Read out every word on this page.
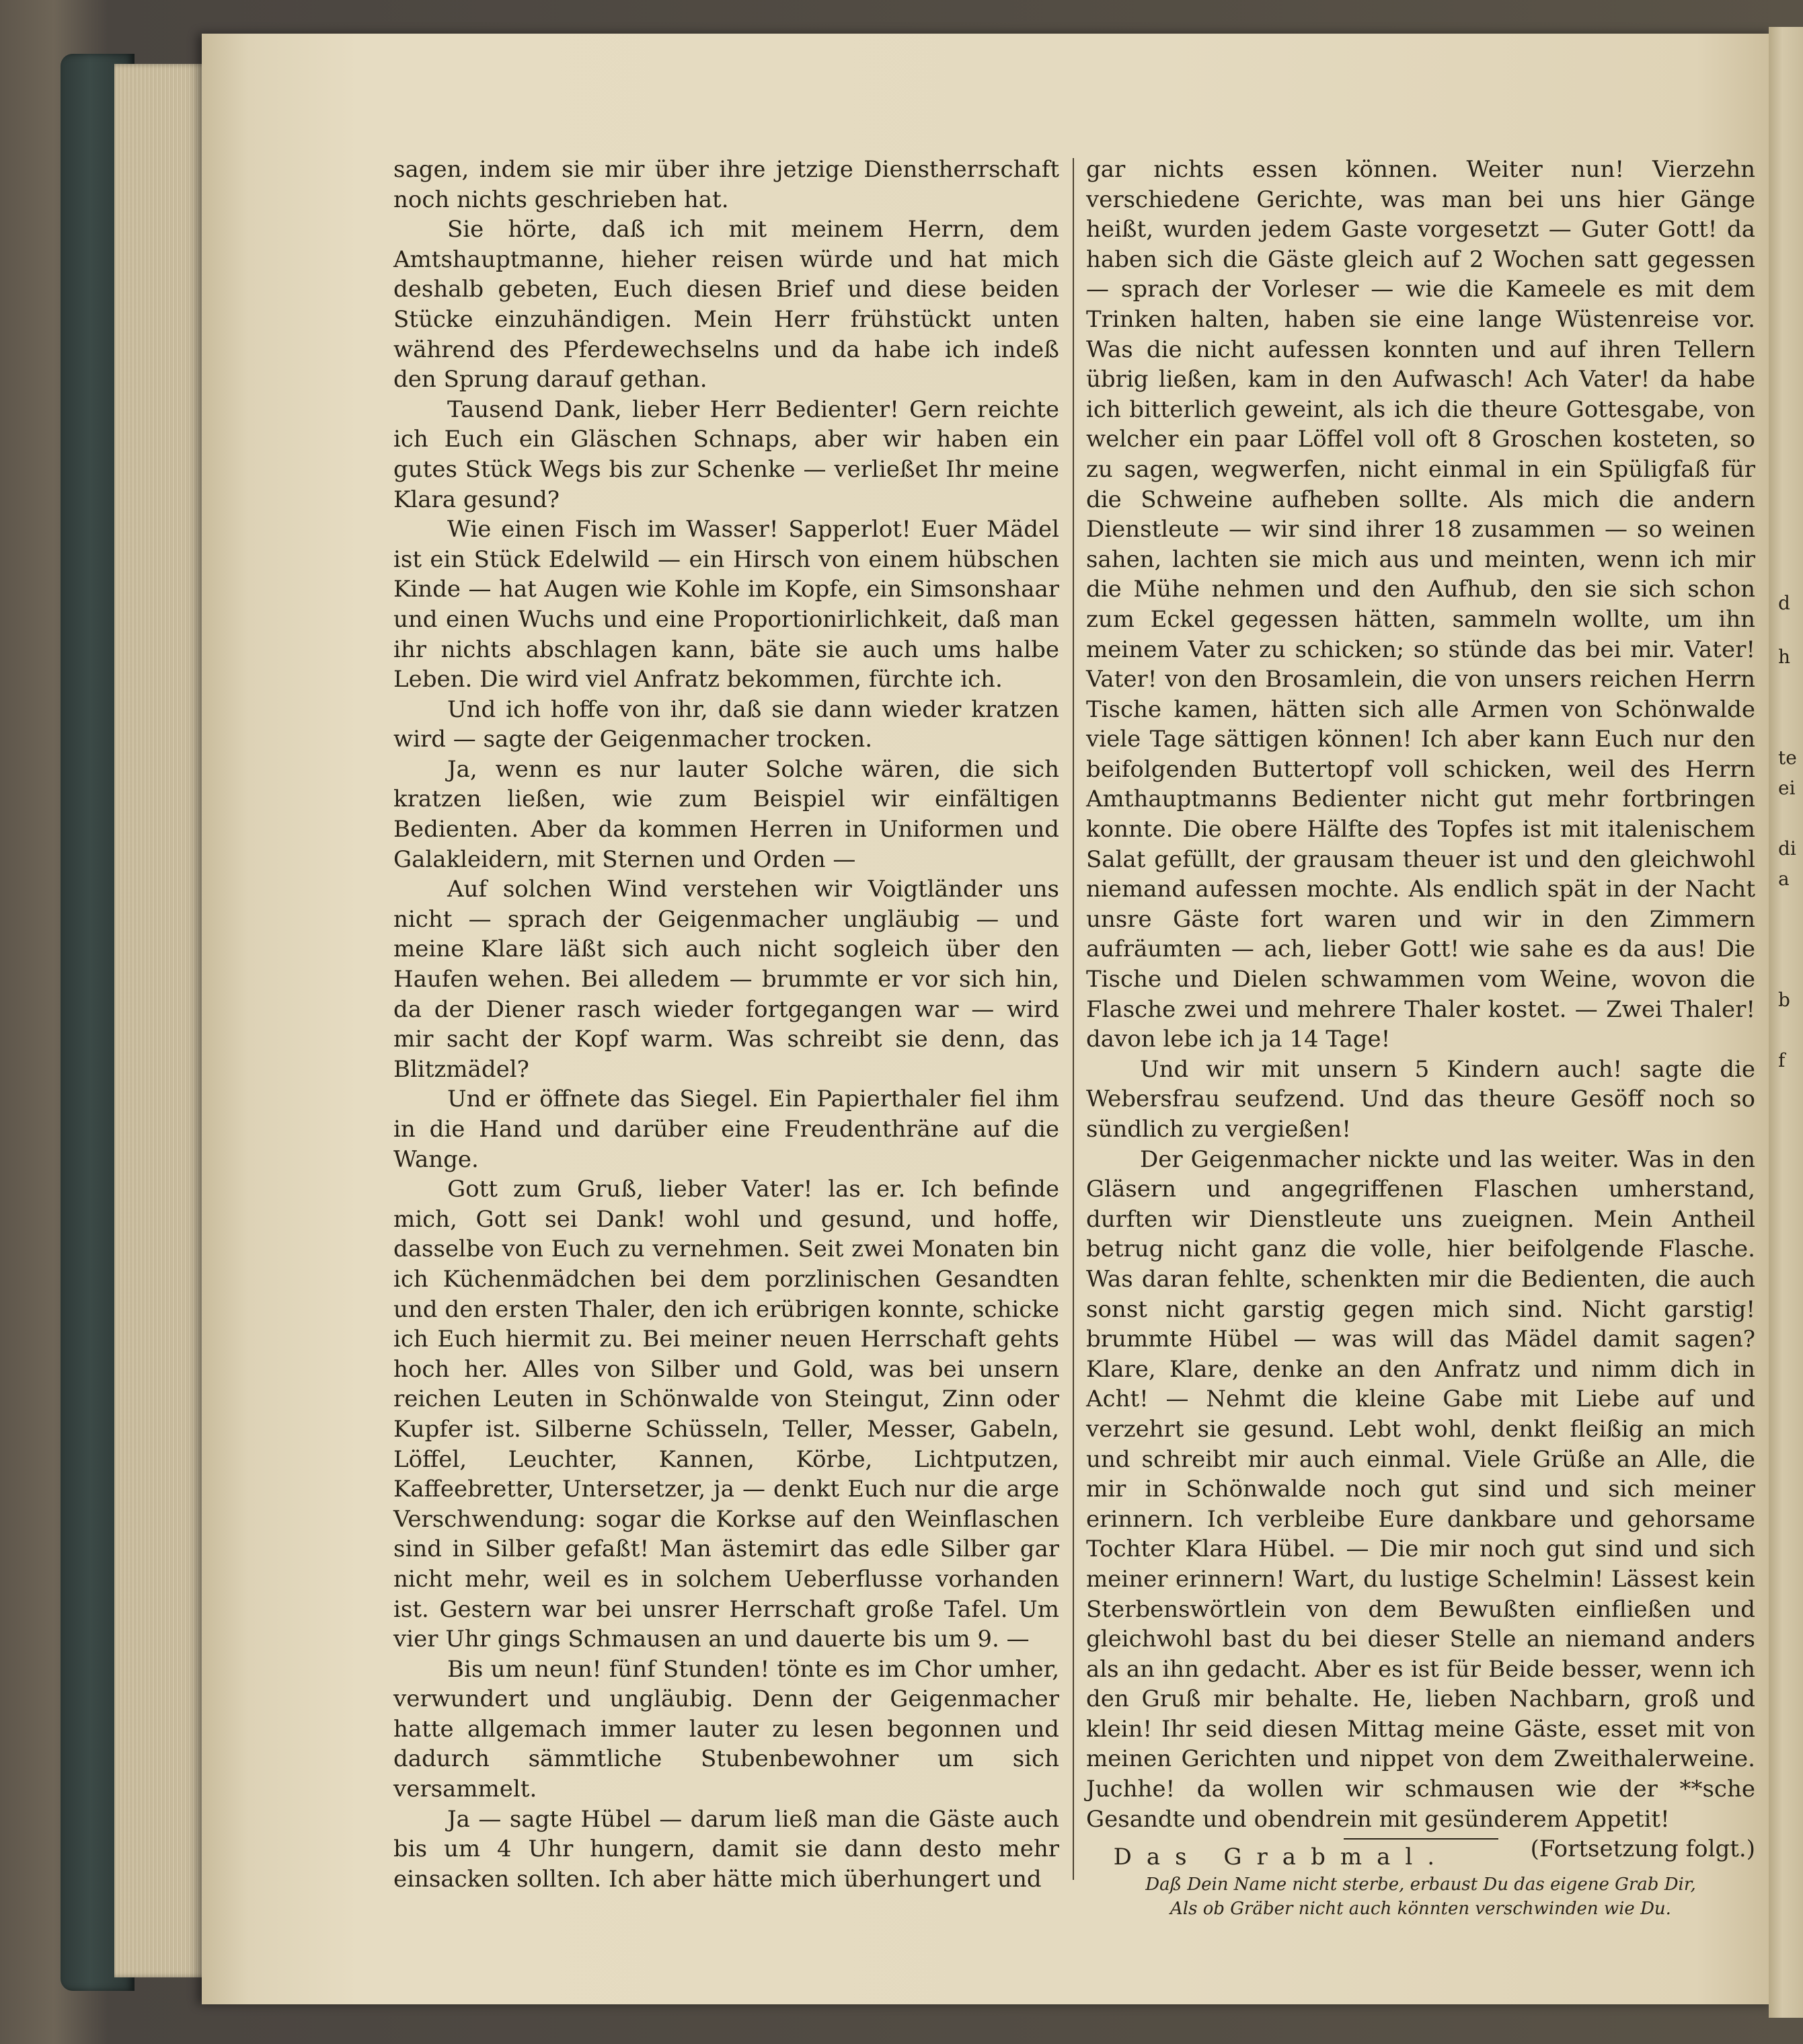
d
h
te
ei
di
a
b
f

sagen, indem sie mir über ihre jetzige Dienstherrschaft noch nichts geschrieben hat.

Sie hörte, daß ich mit meinem Herrn, dem Amtshauptmanne, hieher reisen würde und hat mich deshalb gebeten, Euch diesen Brief und diese beiden Stücke einzuhändigen. Mein Herr frühstückt unten während des Pferdewechselns und da habe ich indeß den Sprung darauf gethan.

Tausend Dank, lieber Herr Bedienter! Gern reichte ich Euch ein Gläschen Schnaps, aber wir haben ein gutes Stück Wegs bis zur Schenke — verließet Ihr meine Klara gesund?

Wie einen Fisch im Wasser! Sapperlot! Euer Mädel ist ein Stück Edelwild — ein Hirsch von einem hübschen Kinde — hat Augen wie Kohle im Kopfe, ein Simsonshaar und einen Wuchs und eine Proportionirlichkeit, daß man ihr nichts abschlagen kann, bäte sie auch ums halbe Leben. Die wird viel Anfratz bekommen, fürchte ich.

Und ich hoffe von ihr, daß sie dann wieder kratzen wird — sagte der Geigenmacher trocken.

Ja, wenn es nur lauter Solche wären, die sich kratzen ließen, wie zum Beispiel wir einfältigen Bedienten. Aber da kommen Herren in Uniformen und Galakleidern, mit Sternen und Orden —

Auf solchen Wind verstehen wir Voigtländer uns nicht — sprach der Geigenmacher ungläubig — und meine Klare läßt sich auch nicht sogleich über den Haufen wehen. Bei alledem — brummte er vor sich hin, da der Diener rasch wieder fortgegangen war — wird mir sacht der Kopf warm. Was schreibt sie denn, das Blitzmädel?

Und er öffnete das Siegel. Ein Papierthaler fiel ihm in die Hand und darüber eine Freudenthräne auf die Wange.

Gott zum Gruß, lieber Vater! las er. Ich befinde mich, Gott sei Dank! wohl und gesund, und hoffe, dasselbe von Euch zu vernehmen. Seit zwei Monaten bin ich Küchenmädchen bei dem porzlinischen Gesandten und den ersten Thaler, den ich erübrigen konnte, schicke ich Euch hiermit zu. Bei meiner neuen Herrschaft gehts hoch her. Alles von Silber und Gold, was bei unsern reichen Leuten in Schönwalde von Steingut, Zinn oder Kupfer ist. Silberne Schüsseln, Teller, Messer, Gabeln, Löffel, Leuchter, Kannen, Körbe, Lichtputzen, Kaffeebretter, Untersetzer, ja — denkt Euch nur die arge Verschwendung: sogar die Korkse auf den Weinflaschen sind in Silber gefaßt! Man ästemirt das edle Silber gar nicht mehr, weil es in solchem Ueberflusse vorhanden ist. Gestern war bei unsrer Herrschaft große Tafel. Um vier Uhr gings Schmausen an und dauerte bis um 9. —

Bis um neun! fünf Stunden! tönte es im Chor umher, verwundert und ungläubig. Denn der Geigenmacher hatte allgemach immer lauter zu lesen begonnen und dadurch sämmtliche Stubenbewohner um sich versammelt.

Ja — sagte Hübel — darum ließ man die Gäste auch bis um 4 Uhr hungern, damit sie dann desto mehr einsacken sollten. Ich aber hätte mich überhungert und

gar nichts essen können. Weiter nun! Vierzehn verschiedene Gerichte, was man bei uns hier Gänge heißt, wurden jedem Gaste vorgesetzt — Guter Gott! da haben sich die Gäste gleich auf 2 Wochen satt gegessen — sprach der Vorleser — wie die Kameele es mit dem Trinken halten, haben sie eine lange Wüstenreise vor. Was die nicht aufessen konnten und auf ihren Tellern übrig ließen, kam in den Aufwasch! Ach Vater! da habe ich bitterlich geweint, als ich die theure Gottesgabe, von welcher ein paar Löffel voll oft 8 Groschen kosteten, so zu sagen, wegwerfen, nicht einmal in ein Spüligfaß für die Schweine aufheben sollte. Als mich die andern Dienstleute — wir sind ihrer 18 zusammen — so weinen sahen, lachten sie mich aus und meinten, wenn ich mir die Mühe nehmen und den Aufhub, den sie sich schon zum Eckel gegessen hätten, sammeln wollte, um ihn meinem Vater zu schicken; so stünde das bei mir. Vater! Vater! von den Brosamlein, die von unsers reichen Herrn Tische kamen, hätten sich alle Armen von Schönwalde viele Tage sättigen können! Ich aber kann Euch nur den beifolgenden Buttertopf voll schicken, weil des Herrn Amthauptmanns Bedienter nicht gut mehr fortbringen konnte. Die obere Hälfte des Topfes ist mit italenischem Salat gefüllt, der grausam theuer ist und den gleichwohl niemand aufessen mochte. Als endlich spät in der Nacht unsre Gäste fort waren und wir in den Zimmern aufräumten — ach, lieber Gott! wie sahe es da aus! Die Tische und Dielen schwammen vom Weine, wovon die Flasche zwei und mehrere Thaler kostet. — Zwei Thaler! davon lebe ich ja 14 Tage!

Und wir mit unsern 5 Kindern auch! sagte die Webersfrau seufzend. Und das theure Gesöff noch so sündlich zu vergießen!

Der Geigenmacher nickte und las weiter. Was in den Gläsern und angegriffenen Flaschen umherstand, durften wir Dienstleute uns zueignen. Mein Antheil betrug nicht ganz die volle, hier beifolgende Flasche. Was daran fehlte, schenkten mir die Bedienten, die auch sonst nicht garstig gegen mich sind. Nicht garstig! brummte Hübel — was will das Mädel damit sagen? Klare, Klare, denke an den Anfratz und nimm dich in Acht! — Nehmt die kleine Gabe mit Liebe auf und verzehrt sie gesund. Lebt wohl, denkt fleißig an mich und schreibt mir auch einmal. Viele Grüße an Alle, die mir in Schönwalde noch gut sind und sich meiner erinnern. Ich verbleibe Eure dankbare und gehorsame Tochter Klara Hübel. — Die mir noch gut sind und sich meiner erinnern! Wart, du lustige Schelmin! Lässest kein Sterbenswörtlein von dem Bewußten einfließen und gleichwohl bast du bei dieser Stelle an niemand anders als an ihn gedacht. Aber es ist für Beide besser, wenn ich den Gruß mir behalte. He, lieben Nachbarn, groß und klein! Ihr seid diesen Mittag meine Gäste, esset mit von meinen Gerichten und nippet von dem Zweithalerweine. Juchhe! da wollen wir schmausen wie der **sche Gesandte und obendrein mit gesünderem Appetit!
(Fortsetzung folgt.)

Das Grabmal.

Daß Dein Name nicht sterbe, erbaust Du das eigene Grab Dir,

Als ob Gräber nicht auch könnten verschwinden wie Du.
